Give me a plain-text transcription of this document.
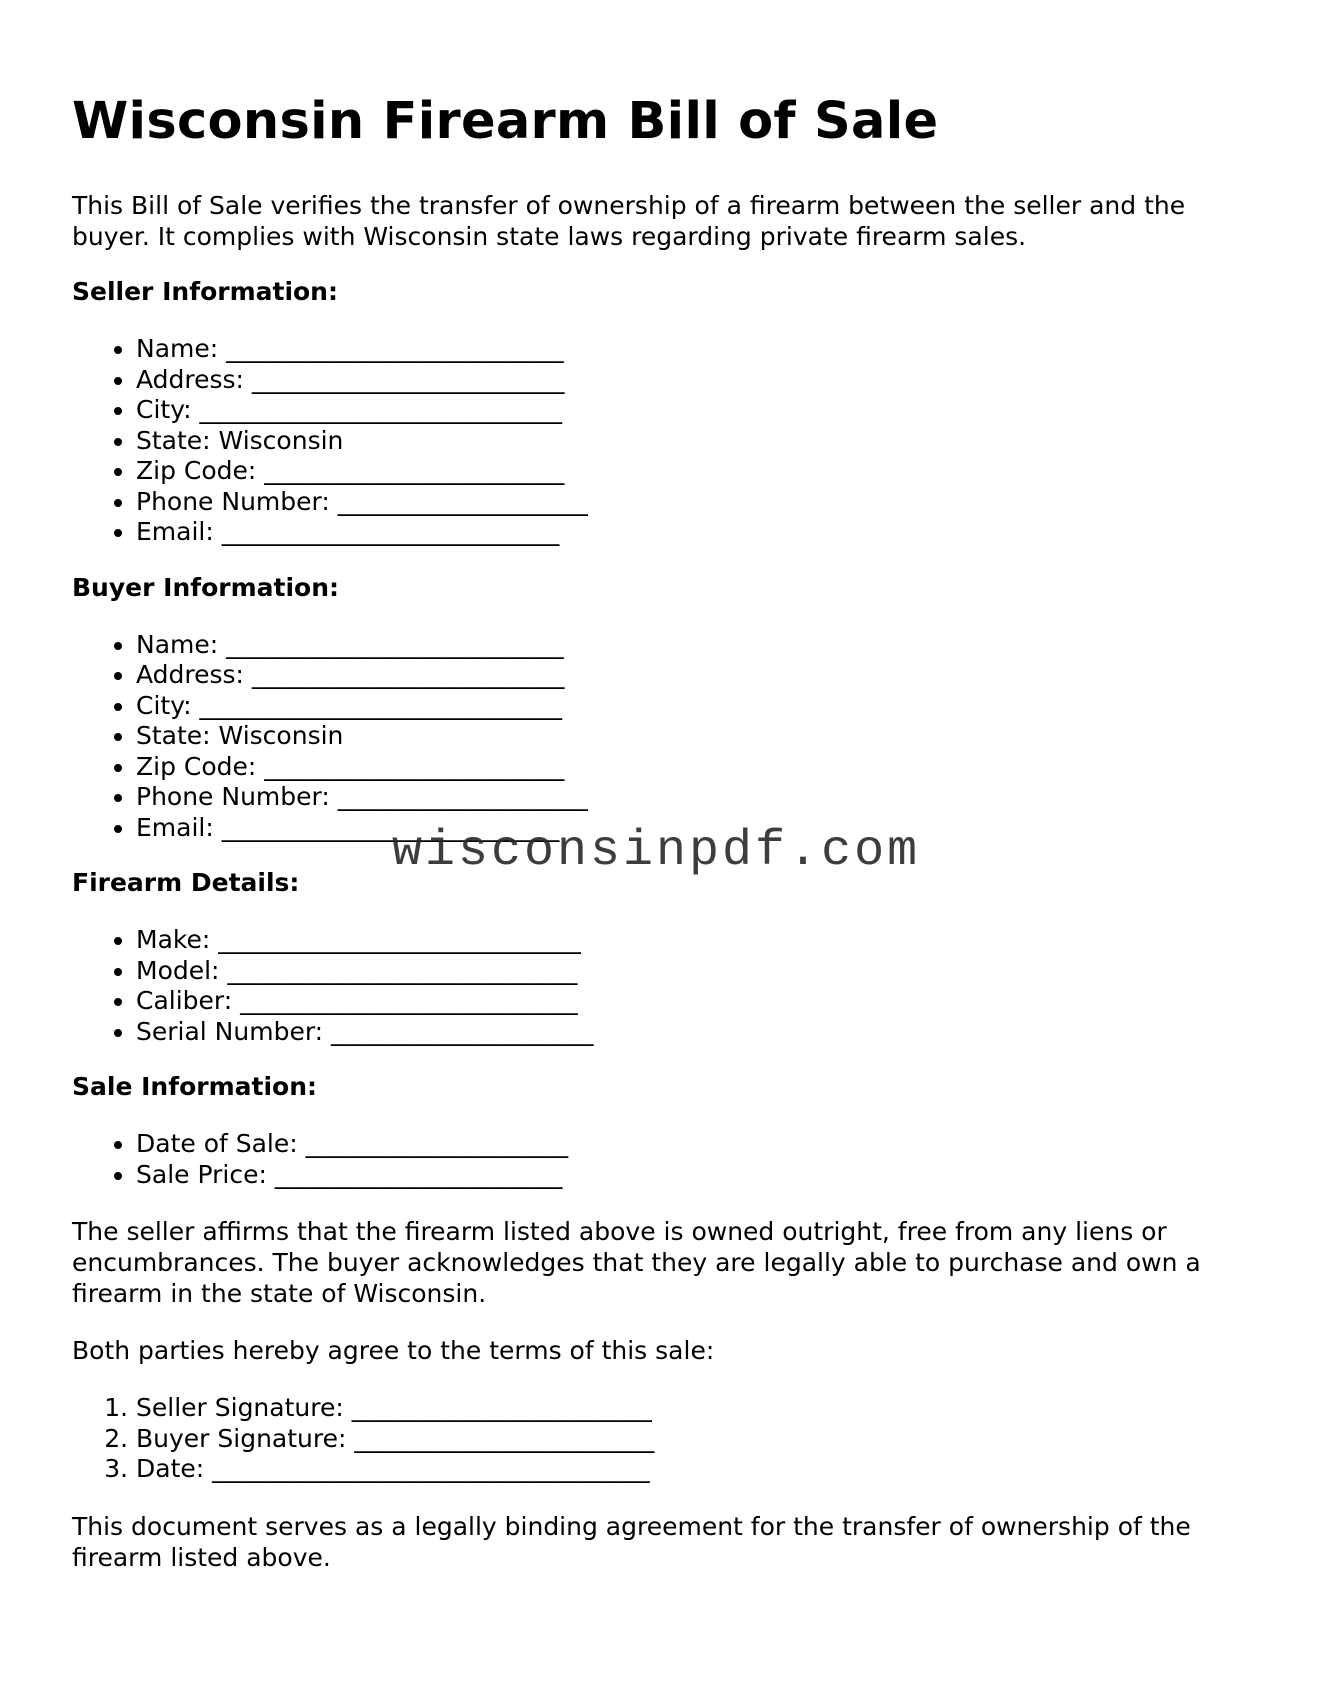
Wisconsin Firearm Bill of Sale

This Bill of Sale verifies the transfer of ownership of a firearm between the seller and the buyer. It complies with Wisconsin state laws regarding private firearm sales.

Seller Information:
• Name: ___________________________
• Address: _________________________
• City: _____________________________
• State: Wisconsin
• Zip Code: ________________________
• Phone Number: ____________________
• Email: ___________________________
Buyer Information:
• Name: ___________________________
• Address: _________________________
• City: _____________________________
• State: Wisconsin
• Zip Code: ________________________
• Phone Number: ____________________
• Email: ___________________________
Firearm Details:
• Make: _____________________________
• Model: ____________________________
• Caliber: ___________________________
• Serial Number: _____________________
Sale Information:
• Date of Sale: _____________________
• Sale Price: _______________________

The seller affirms that the firearm listed above is owned outright, free from any liens or encumbrances. The buyer acknowledges that they are legally able to purchase and own a firearm in the state of Wisconsin.

Both parties hereby agree to the terms of this sale:

1. Seller Signature: ________________________
2. Buyer Signature: ________________________
3. Date: ___________________________________

This document serves as a legally binding agreement for the transfer of ownership of the firearm listed above.

wisconsinpdf.com
